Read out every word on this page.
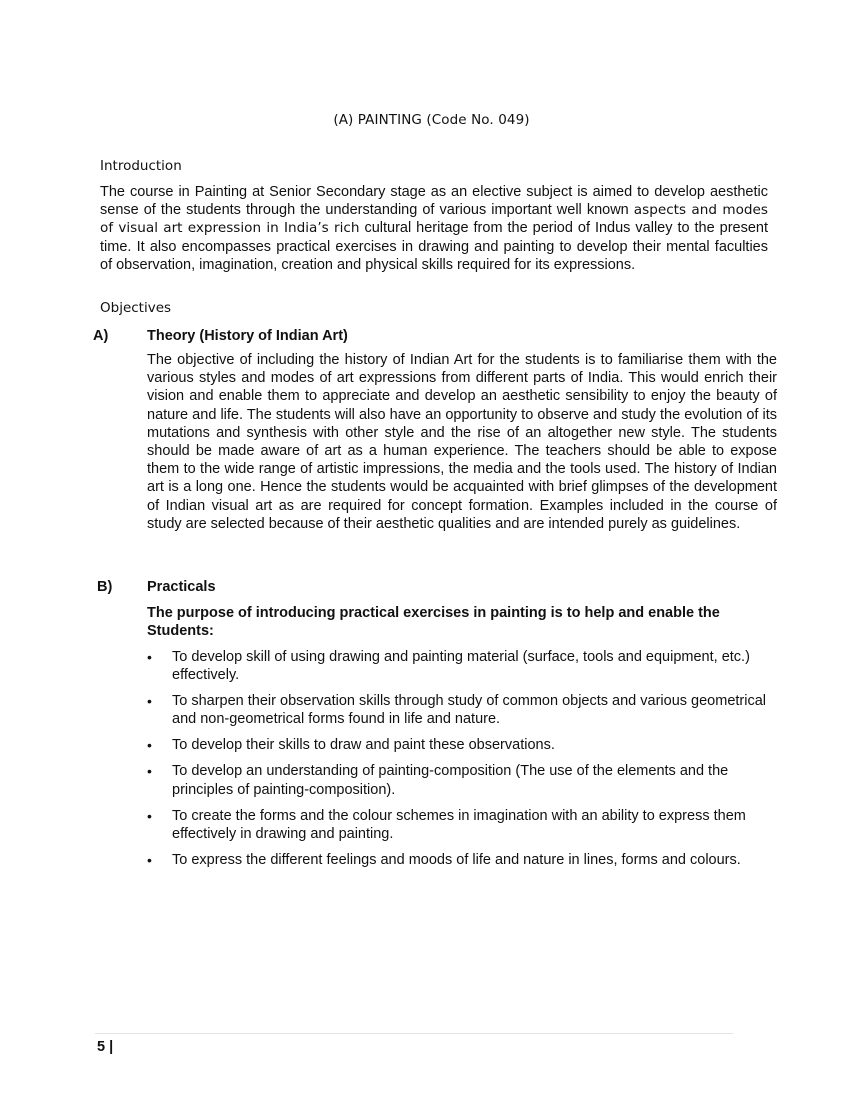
(A) PAINTING (Code No. 049)
Introduction
The course in Painting at Senior Secondary stage as an elective subject is aimed to develop aesthetic sense of the students through the understanding of various important well known aspects and modes of visual art expression in India’s rich cultural heritage from the period of Indus valley to the present time. It also encompasses practical exercises in drawing and painting to develop their mental faculties of observation, imagination, creation and physical skills required for its expressions.
Objectives
A)	Theory (History of Indian Art)
The objective of including the history of Indian Art for the students is to familiarise them with the various styles and modes of art expressions from different parts of India. This would enrich their vision and enable them to appreciate and develop an aesthetic sensibility to enjoy the beauty of nature and life. The students will also have an opportunity to observe and study the evolution of its mutations and synthesis with other style and the rise of an altogether new style. The students should be made aware of art as a human experience. The teachers should be able to expose them to the wide range of artistic impressions, the media and the tools used. The history of Indian art is a long one. Hence the students would be acquainted with brief glimpses of the development of Indian visual art as are required for concept formation. Examples included in the course of study are selected because of their aesthetic qualities and are intended purely as guidelines.
B) Practicals
The purpose of introducing practical exercises in painting is to help and enable the Students:
• To develop skill of using drawing and painting material (surface, tools and equipment, etc.) effectively.
• To sharpen their observation skills through study of common objects and various geometrical and non-geometrical forms found in life and nature.
• To develop their skills to draw and paint these observations.
• To develop an understanding of painting-composition (The use of the elements and the principles of painting-composition).
• To create the forms and the colour schemes in imagination with an ability to express them effectively in drawing and painting.
• To express the different feelings and moods of life and nature in lines, forms and colours.
5 |
